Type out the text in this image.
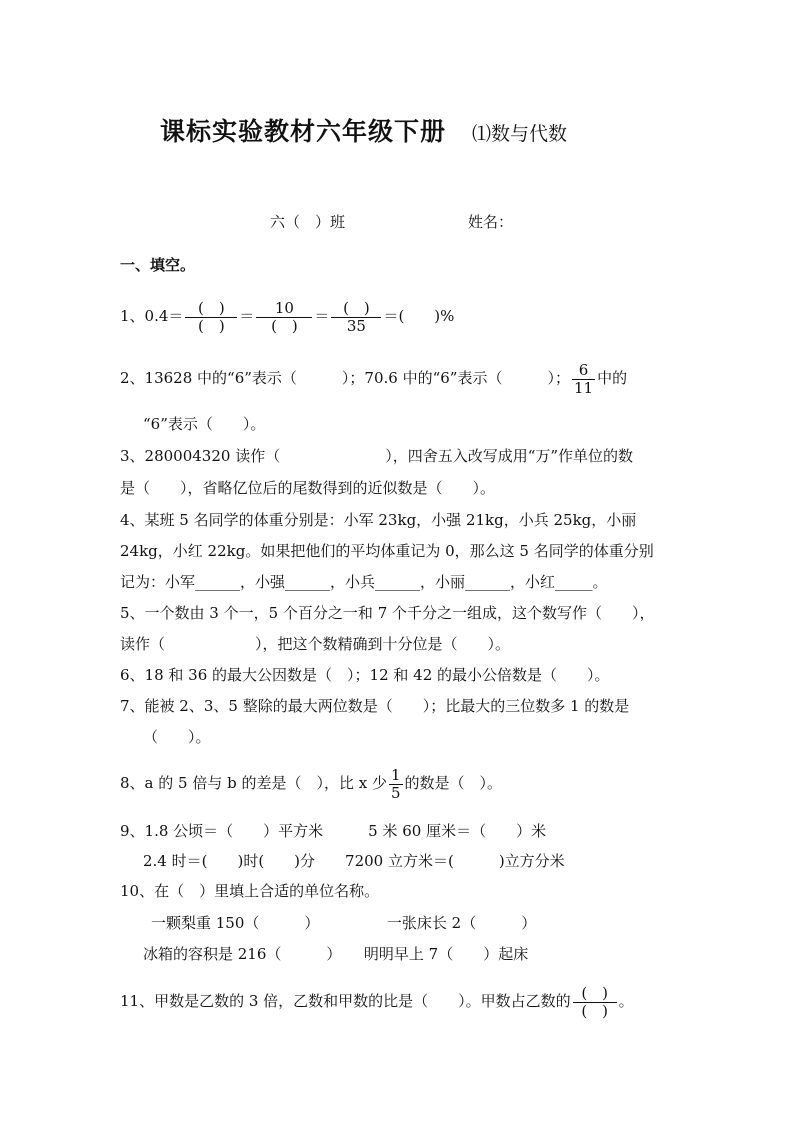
课标实验教材六年级下册 ⑴数与代数
六（　）班	姓名：
一、填空。
1、$0.4= \frac{( )}{( )} = \frac{10}{( )} = \frac{( )}{35}$ ＝(　　)%
2、13628 中的“6”表示（　　　）；70.6 中的“6”表示（　　　）； $\frac{6}{11}$ 中的
“6”表示（　　）。
3、280004320 读作（　　　　　　　），四舍五入改写成用“万”作单位的数
是（　　），省略亿位后的尾数得到的近似数是（　　）。
4、某班 5 名同学的体重分别是：小军 23kg，小强 21kg，小兵 25kg，小丽
24kg，小红 22kg。如果把他们的平均体重记为 0，那么这 5 名同学的体重分别
记为：小军______，小强______，小兵______，小丽______，小红_____。
5、一个数由 3 个一，5 个百分之一和 7 个千分之一组成，这个数写作（　　），
读作（　　　　　　），把这个数精确到十分位是（　　）。
6、18 和 36 的最大公因数是（　）；12 和 42 的最小公倍数是（　　）。
7、能被 2、3、5 整除的最大两位数是（　　）；比最大的三位数多 1 的数是
（　　）。
8、a 的 5 倍与 b 的差是（　），比 x 少 $\frac{1}{5}$ 的数是（　）。
9、1.8 公顷＝（　　）平方米　　　5 米 60 厘米＝（　　）米
2.4 时＝(　　)时(　　)分　　7200 立方米＝(　　　)立方分米
10、在（　）里填上合适的单位名称。
一颗梨重 150（　　　）　　　　　一张床长 2（　　　）
冰箱的容积是 216（　　　）　　明明早上 7（　　）起床
11、甲数是乙数的 3 倍，乙数和甲数的比是（　　）。甲数占乙数的 $\frac{( )}{( )}$ 。
